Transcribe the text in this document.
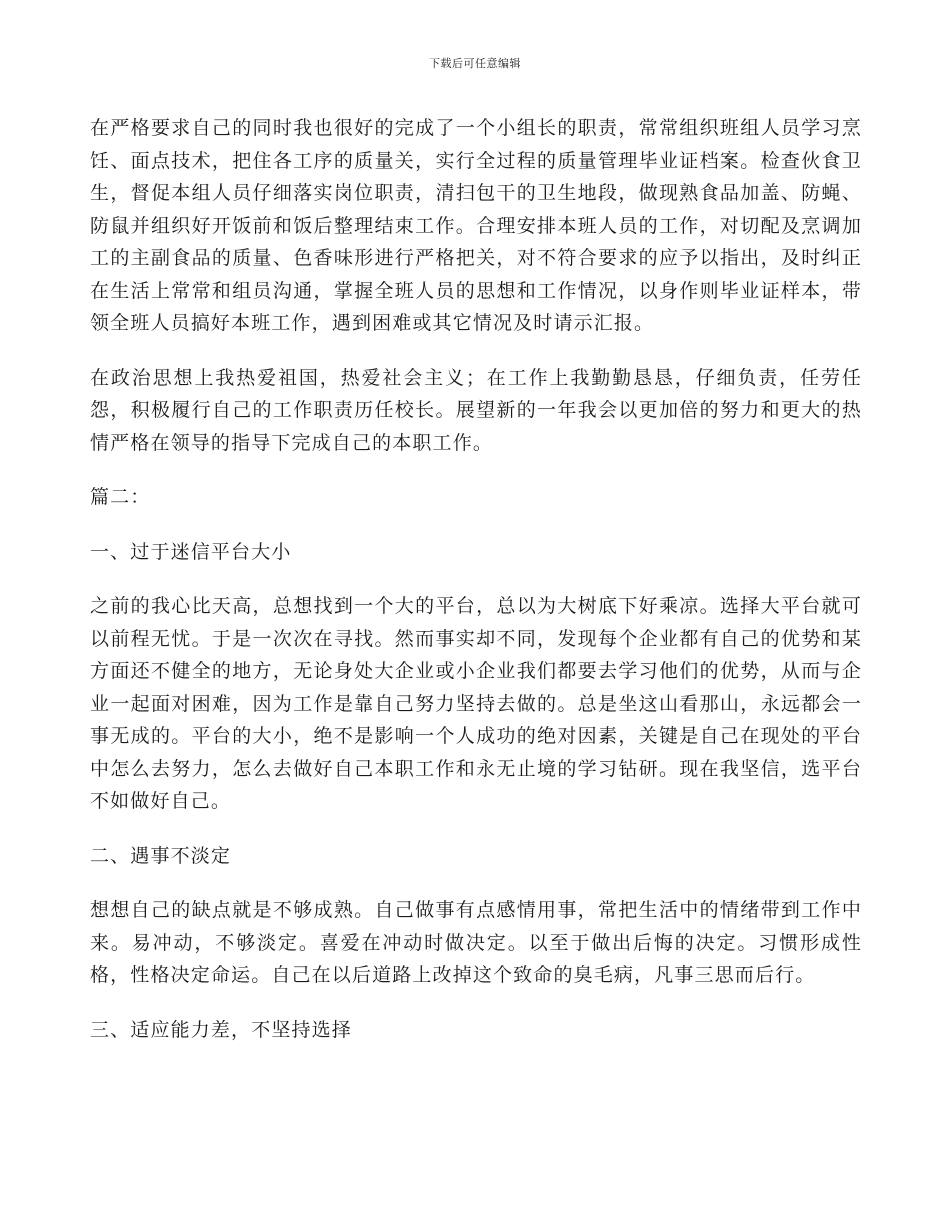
下载后可任意编辑

在严格要求自己的同时我也很好的完成了一个小组长的职责，常常组织班组人员学习烹饪、面点技术，把住各工序的质量关，实行全过程的质量管理毕业证档案。检查伙食卫生，督促本组人员仔细落实岗位职责，清扫包干的卫生地段，做现熟食品加盖、防蝇、防鼠并组织好开饭前和饭后整理结束工作。合理安排本班人员的工作，对切配及烹调加工的主副食品的质量、色香味形进行严格把关，对不符合要求的应予以指出，及时纠正在生活上常常和组员沟通，掌握全班人员的思想和工作情况，以身作则毕业证样本，带领全班人员搞好本班工作，遇到困难或其它情况及时请示汇报。

在政治思想上我热爱祖国，热爱社会主义；在工作上我勤勤恳恳，仔细负责，任劳任怨，积极履行自己的工作职责历任校长。展望新的一年我会以更加倍的努力和更大的热情严格在领导的指导下完成自己的本职工作。

篇二：

一、过于迷信平台大小

之前的我心比天高，总想找到一个大的平台，总以为大树底下好乘凉。选择大平台就可以前程无忧。于是一次次在寻找。然而事实却不同，发现每个企业都有自己的优势和某方面还不健全的地方，无论身处大企业或小企业我们都要去学习他们的优势，从而与企业一起面对困难，因为工作是靠自己努力坚持去做的。总是坐这山看那山，永远都会一事无成的。平台的大小，绝不是影响一个人成功的绝对因素，关键是自己在现处的平台中怎么去努力，怎么去做好自己本职工作和永无止境的学习钻研。现在我坚信，选平台不如做好自己。

二、遇事不淡定

想想自己的缺点就是不够成熟。自己做事有点感情用事，常把生活中的情绪带到工作中来。易冲动，不够淡定。喜爱在冲动时做决定。以至于做出后悔的决定。习惯形成性格，性格决定命运。自己在以后道路上改掉这个致命的臭毛病，凡事三思而后行。

三、适应能力差，不坚持选择
